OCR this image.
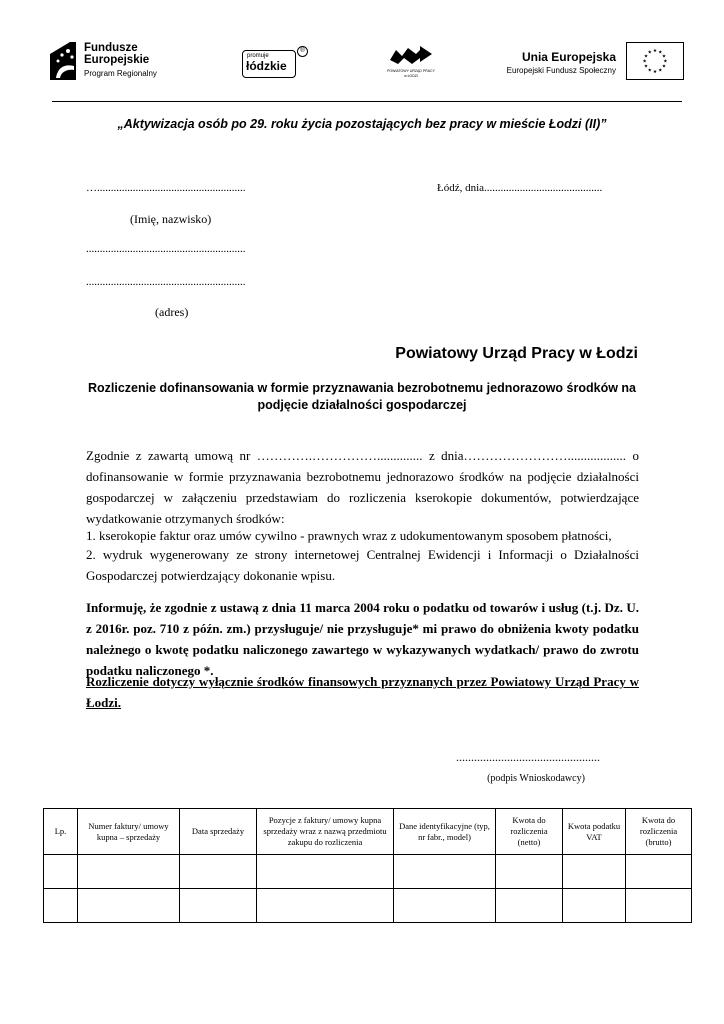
Fundusze
Europejskie
Program Regionalny
promuje
łódzkie
®
POWIATOWY URZĄD PRACY w ŁODZI
Unia Europejska
Europejski Fundusz Społeczny
★ ★
★
★
★
★
★
★
★
★
★
★
„Aktywizacja osób po 29. roku życia pozostających bez pracy w mieście Łodzi (II)”
…......................................................	Łódź, dnia...........................................
(Imię, nazwisko)
..........................................................
..........................................................
(adres)
Powiatowy Urząd Pracy w Łodzi
Rozliczenie dofinansowania w formie przyznawania bezrobotnemu jednorazowo środków na podjęcie działalności gospodarczej
Zgodnie z zawartą umową nr ………….…………….............. z dnia…………………….................. o dofinansowanie w formie przyznawania bezrobotnemu jednorazowo środków na podjęcie działalności gospodarczej w załączeniu przedstawiam do rozliczenia kserokopie dokumentów, potwierdzające wydatkowanie otrzymanych środków:
1. kserokopie faktur oraz umów cywilno - prawnych wraz z udokumentowanym sposobem płatności,
2. wydruk wygenerowany ze strony internetowej Centralnej Ewidencji i Informacji o Działalności Gospodarczej potwierdzający dokonanie wpisu.
Informuję, że zgodnie z ustawą z dnia 11 marca 2004 roku o podatku od towarów i usług (t.j. Dz. U. z 2016r. poz. 710 z późn. zm.) przysługuje/ nie przysługuje* mi prawo do obniżenia kwoty podatku należnego o kwotę podatku naliczonego zawartego w wykazywanych wydatkach/ prawo do zwrotu podatku naliczonego *.
Rozliczenie dotyczy wyłącznie środków finansowych przyznanych przez Powiatowy Urząd Pracy w Łodzi.
................................................
(podpis Wnioskodawcy)
Lp.	Numer faktury/ umowy kupna – sprzedaży	Data sprzedaży	Pozycje z faktury/ umowy kupna sprzedaży wraz z nazwą przedmiotu zakupu do rozliczenia	Dane identyfikacyjne (typ, nr fabr., model)	Kwota do rozliczenia (netto)	Kwota podatku VAT	Kwota do rozliczenia (brutto)
